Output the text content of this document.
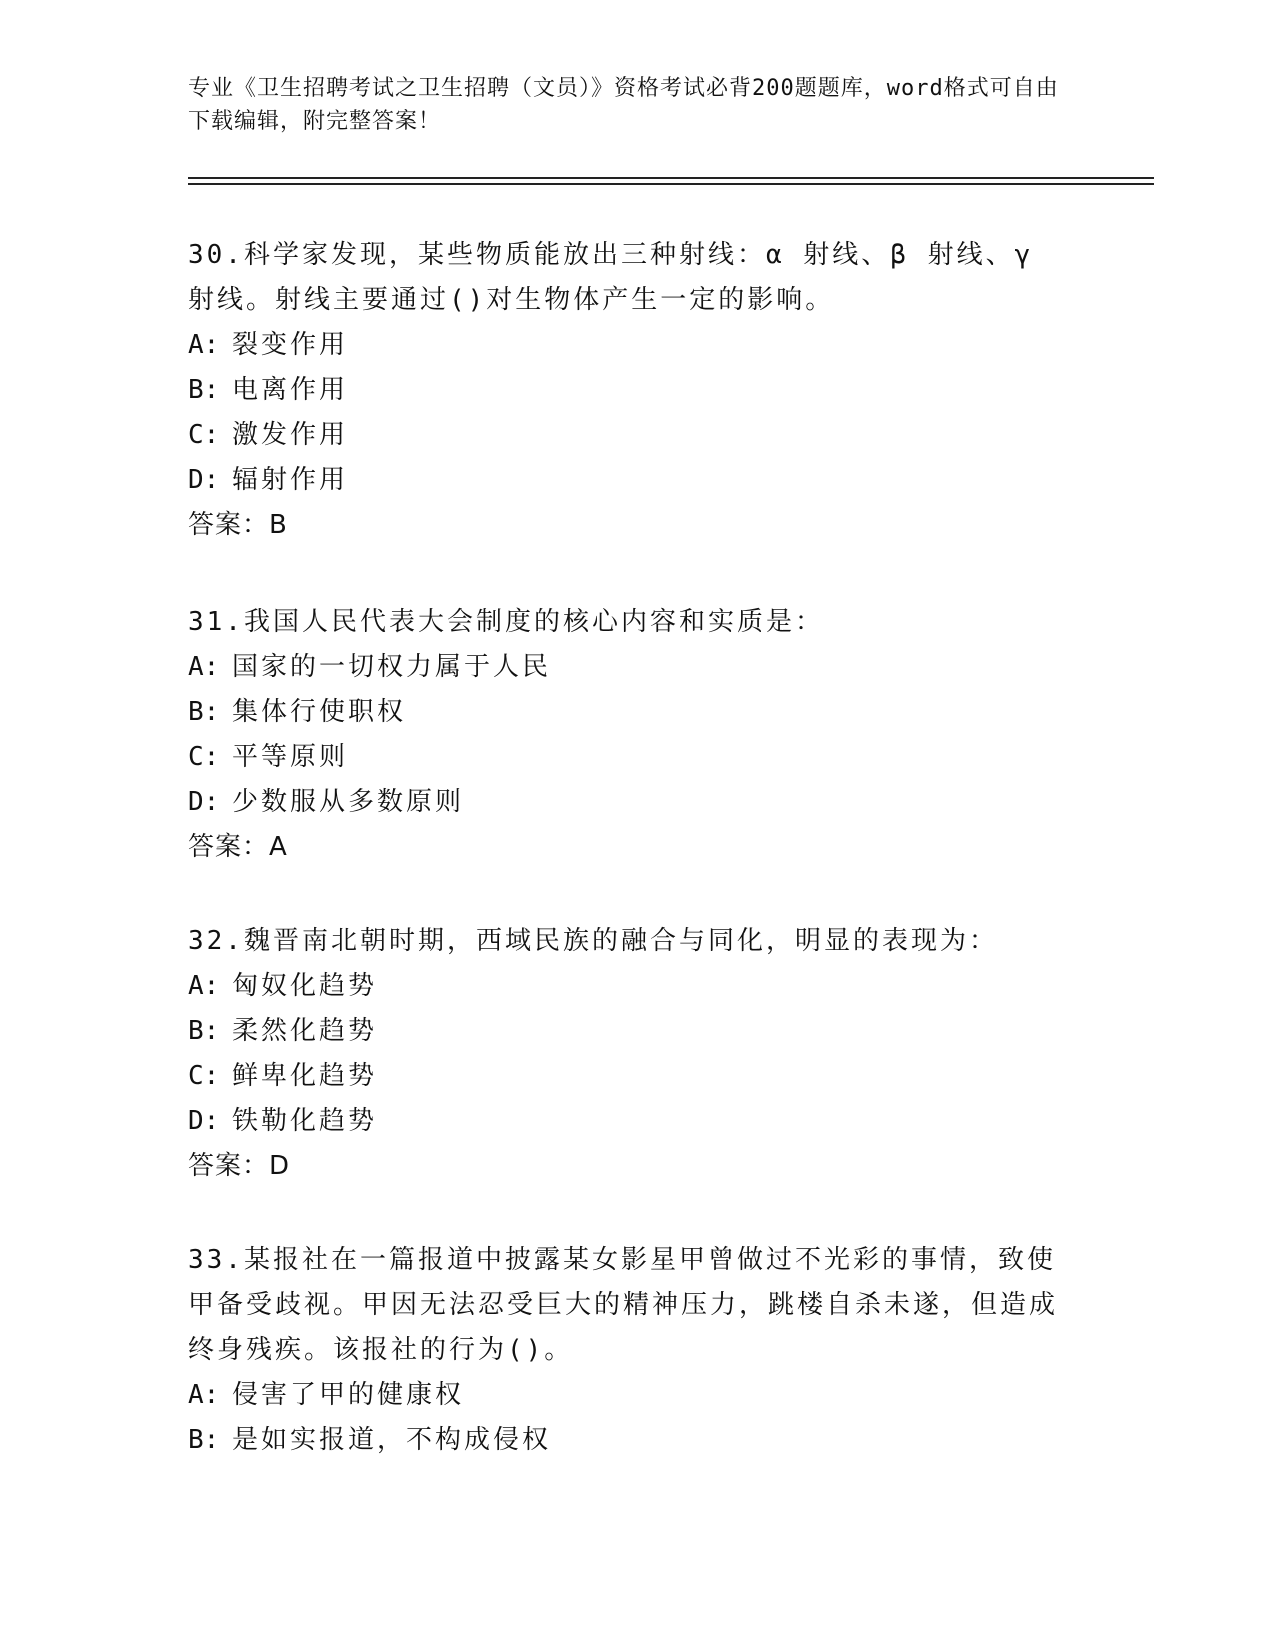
专业《卫生招聘考试之卫生招聘（文员）》资格考试必背200题题库，word格式可自由下载编辑，附完整答案！

30.科学家发现，某些物质能放出三种射线：α 射线、β 射线、γ 射线。射线主要通过()对生物体产生一定的影响。

A: 裂变作用

B: 电离作用

C: 激发作用

D: 辐射作用

答案：B

31.我国人民代表大会制度的核心内容和实质是：

A: 国家的一切权力属于人民

B: 集体行使职权

C: 平等原则

D: 少数服从多数原则

答案：A

32.魏晋南北朝时期，西域民族的融合与同化，明显的表现为：

A: 匈奴化趋势

B: 柔然化趋势

C: 鲜卑化趋势

D: 铁勒化趋势

答案：D

33.某报社在一篇报道中披露某女影星甲曾做过不光彩的事情，致使甲备受歧视。甲因无法忍受巨大的精神压力，跳楼自杀未遂，但造成终身残疾。该报社的行为()。

A: 侵害了甲的健康权

B: 是如实报道，不构成侵权
